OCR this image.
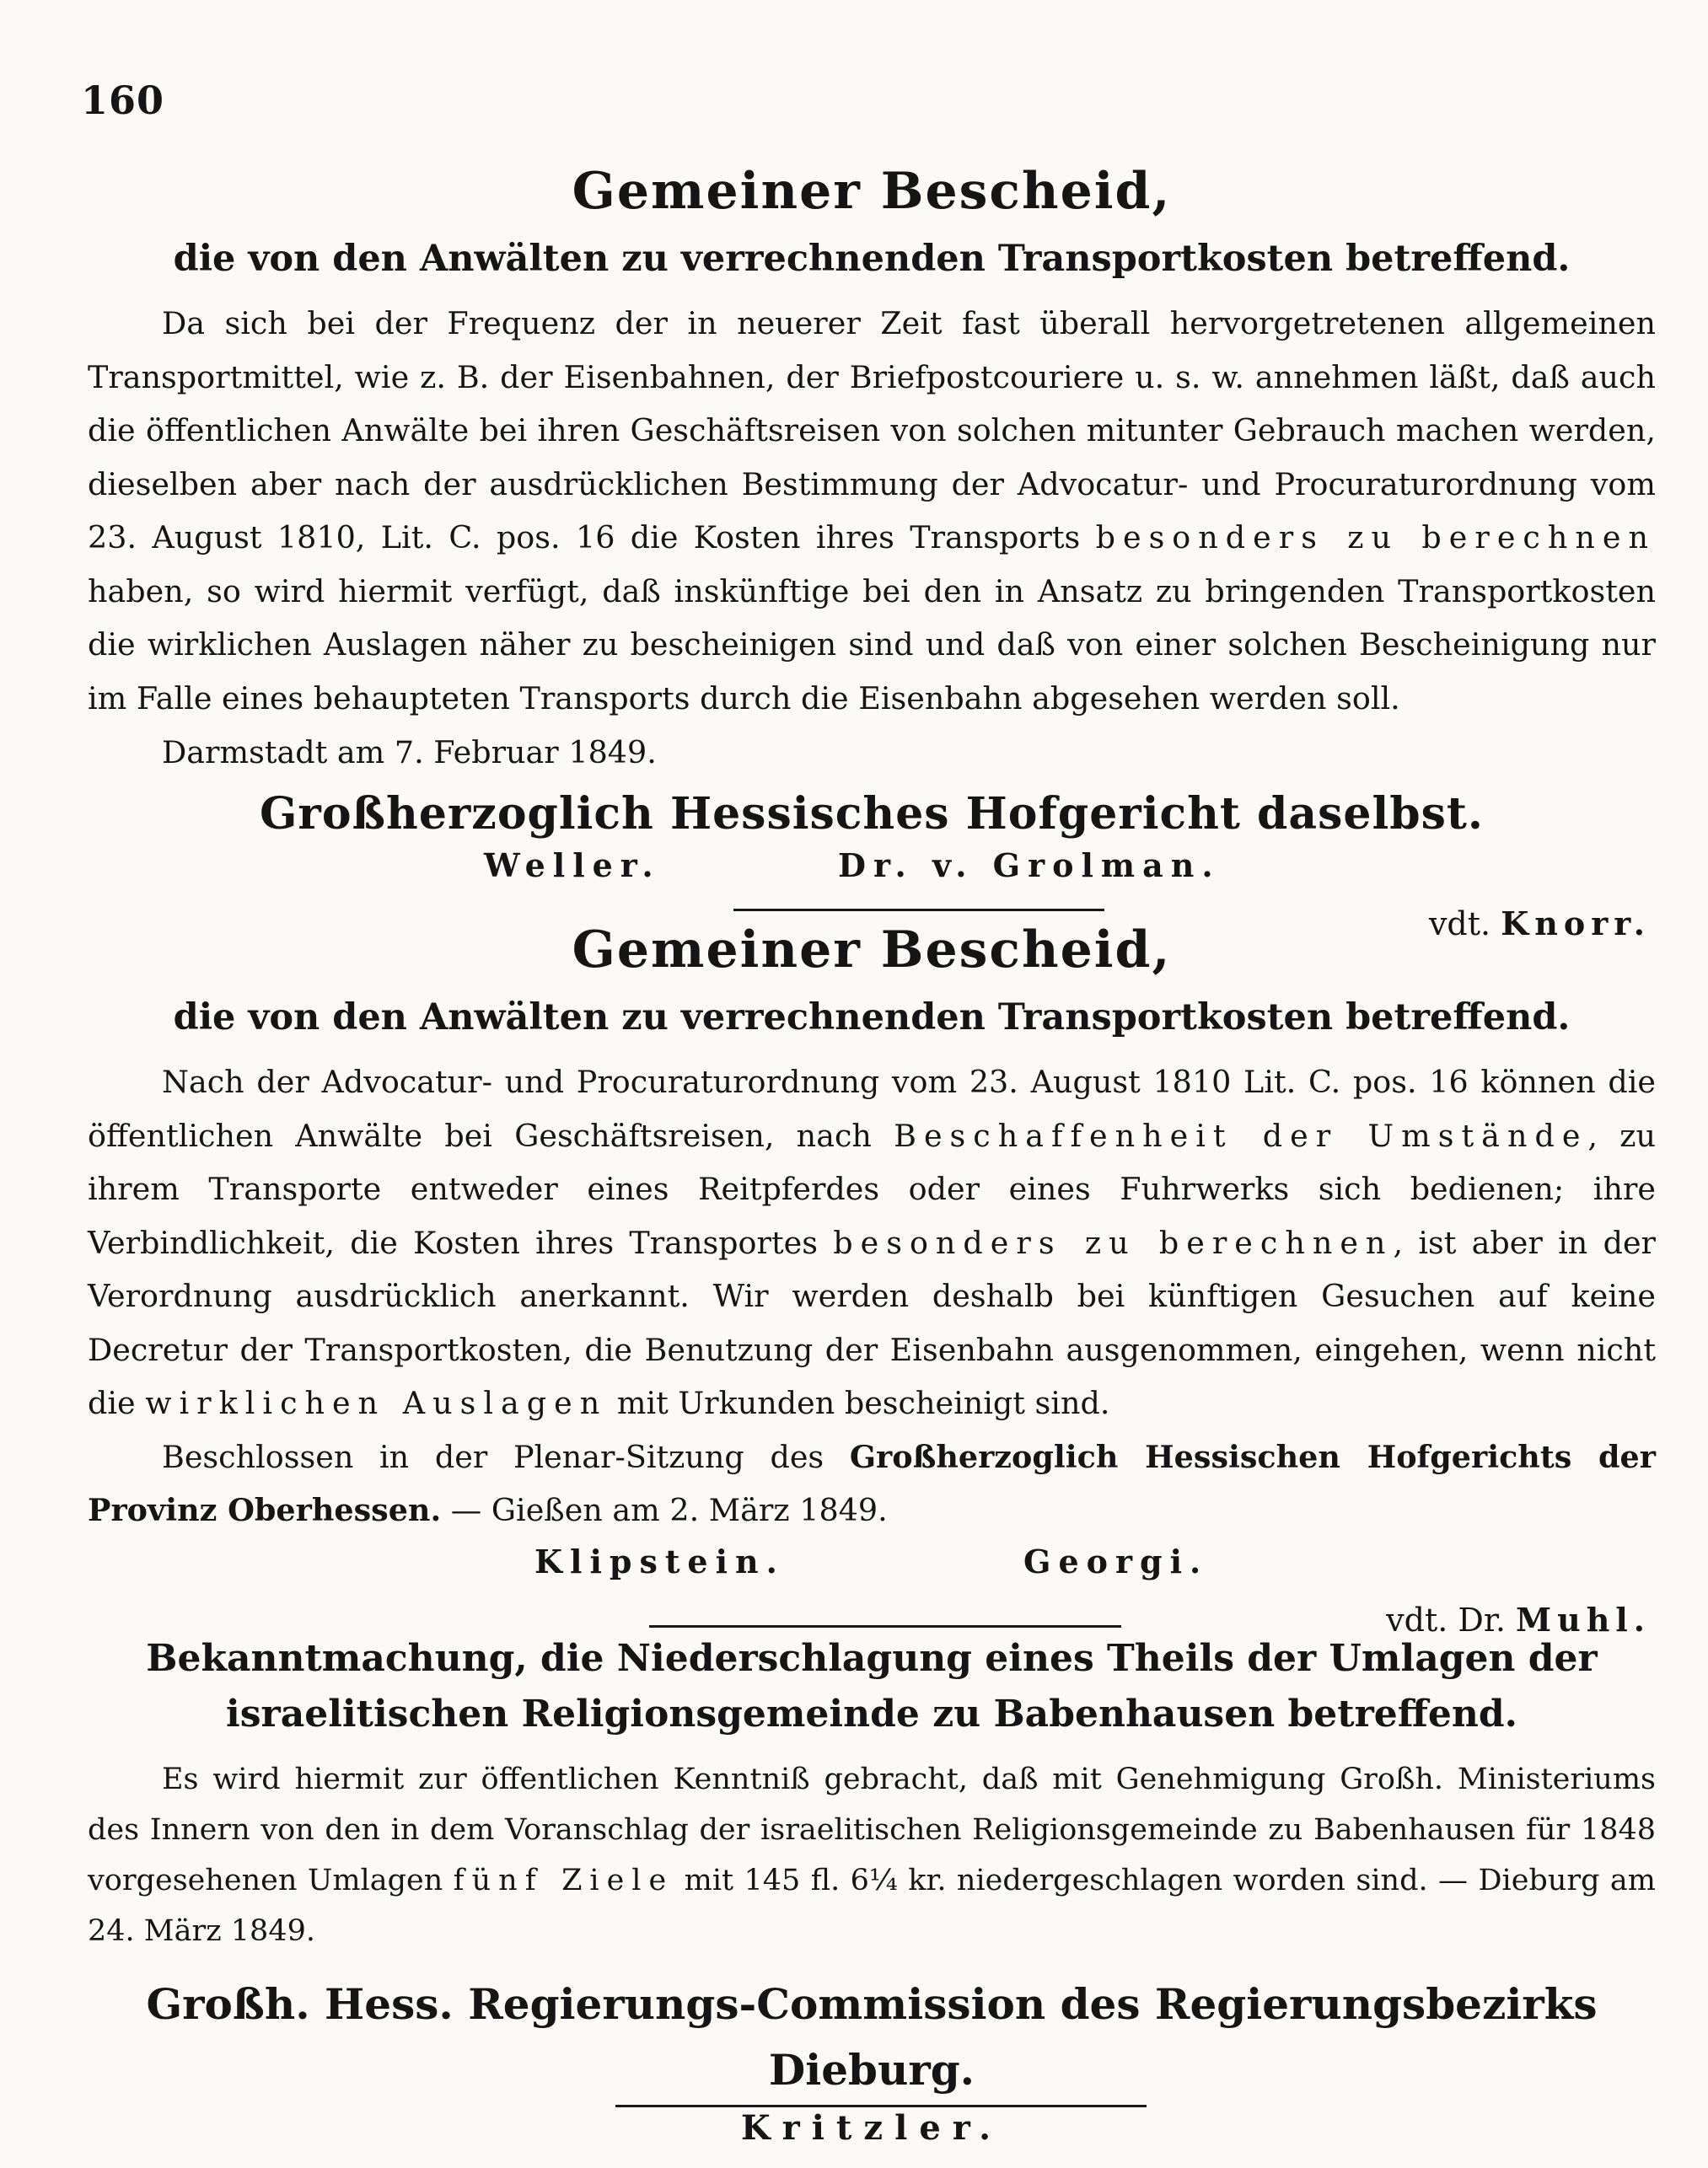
160
Gemeiner Bescheid,
die von den Anwälten zu verrechnenden Transportkosten betreffend.
Da sich bei der Frequenz der in neuerer Zeit fast überall hervorgetretenen allgemeinen Transportmittel, wie z. B. der Eisenbahnen, der Briefpostcouriere u. s. w. annehmen läßt, daß auch die öffentlichen Anwälte bei ihren Geschäftsreisen von solchen mitunter Gebrauch machen werden, dieselben aber nach der ausdrücklichen Bestimmung der Advocatur- und Procuraturordnung vom 23. August 1810, Lit. C. pos. 16 die Kosten ihres Transports besonders zu berechnen haben, so wird hiermit verfügt, daß inskünftige bei den in Ansatz zu bringenden Transportkosten die wirklichen Auslagen näher zu bescheinigen sind und daß von einer solchen Bescheinigung nur im Falle eines behaupteten Transports durch die Eisenbahn abgesehen werden soll.
Darmstadt am 7. Februar 1849.
Großherzoglich Hessisches Hofgericht daselbst.
Weller.	Dr. v. Grolman.
vdt. Knorr.
Gemeiner Bescheid,
die von den Anwälten zu verrechnenden Transportkosten betreffend.
Nach der Advocatur- und Procuraturordnung vom 23. August 1810 Lit. C. pos. 16 können die öffentlichen Anwälte bei Geschäftsreisen, nach Beschaffenheit der Umstände, zu ihrem Transporte entweder eines Reitpferdes oder eines Fuhrwerks sich bedienen; ihre Verbindlichkeit, die Kosten ihres Transportes besonders zu berechnen, ist aber in der Verordnung ausdrücklich anerkannt. Wir werden deshalb bei künftigen Gesuchen auf keine Decretur der Transportkosten, die Benutzung der Eisenbahn ausgenommen, eingehen, wenn nicht die wirklichen Auslagen mit Urkunden bescheinigt sind.
Beschlossen in der Plenar-Sitzung des Großherzoglich Hessischen Hofgerichts der Provinz Oberhessen. — Gießen am 2. März 1849.
Klipstein.	Georgi.
vdt. Dr. Muhl.
Bekanntmachung, die Niederschlagung eines Theils der Umlagen der israelitischen Religionsgemeinde zu Babenhausen betreffend.
Es wird hiermit zur öffentlichen Kenntniß gebracht, daß mit Genehmigung Großh. Ministeriums des Innern von den in dem Voranschlag der israelitischen Religionsgemeinde zu Babenhausen für 1848 vorgesehenen Umlagen fünf Ziele mit 145 fl. 6¼ kr. niedergeschlagen worden sind. — Dieburg am 24. März 1849.
Großh. Hess. Regierungs-Commission des Regierungsbezirks Dieburg.
Kritzler.
